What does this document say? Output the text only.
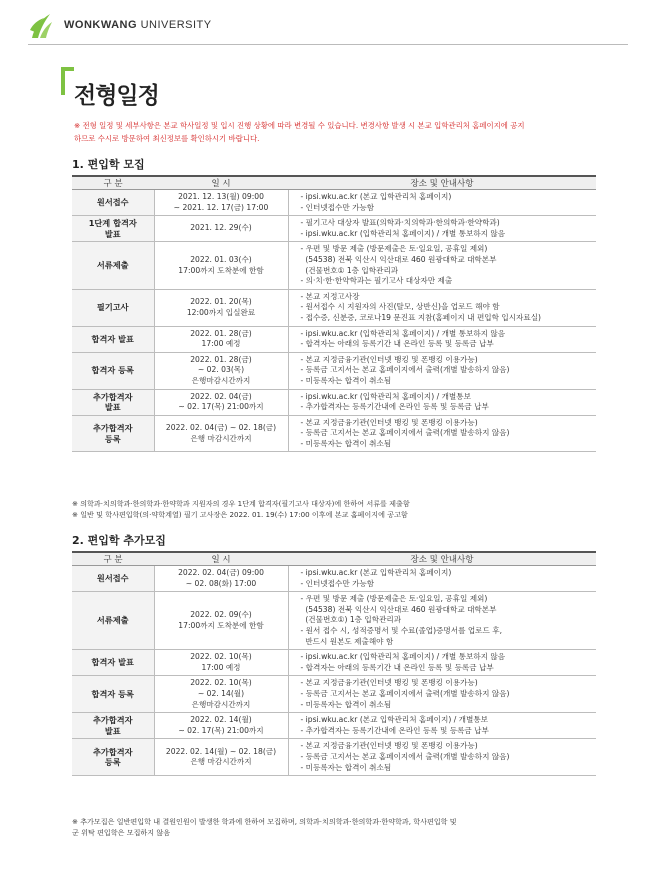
WONKWANG UNIVERSITY
전형일정
※ 전형 일정 및 세부사항은 본교 학사일정 및 입시 진행 상황에 따라 변경될 수 있습니다. 변경사항 발생 시 본교 입학관리처 홈페이지에 공지
하므로 수시로 방문하여 최신정보를 확인하시기 바랍니다.
1. 편입학 모집
구 분	일 시	장소 및 안내사항

원서접수	2021. 12. 13(월) 09:00
~ 2021. 12. 17(금) 17:00	- ipsi.wku.ac.kr (본교 입학관리처 홈페이지)
- 인터넷접수만 가능함

1단계 합격자
발표	2021. 12. 29(수)	- 필기고사 대상자 발표(의학과·치의학과·한의학과·한약학과)
- ipsi.wku.ac.kr (입학관리처 홈페이지) / 개별 통보하지 않음

서류제출	2022. 01. 03(수)
17:00까지 도착분에 한함	- 우편 및 방문 제출 (방문제출은 토·일요일, 공휴일 제외)
(54538) 전북 익산시 익산대로 460 원광대학교 대학본부
(건물번호① 1층 입학관리과
- 의·치·한·한약학과는 필기고사 대상자만 제출

필기고사	2022. 01. 20(목)
12:00까지 입실완료	- 본교 지정고사장
- 원서접수 시 지원자의 사진(탈모, 상반신)을 업로드 해야 함
- 접수증, 신분증, 코로나19 문진표 지참(홈페이지 내 편입학 입시자료실)

합격자 발표	2022. 01. 28(금)
17:00 예정	- ipsi.wku.ac.kr (입학관리처 홈페이지) / 개별 통보하지 않음
- 합격자는 아래의 등록기간 내 온라인 등록 및 등록금 납부

합격자 등록	2022. 01. 28(금)
~ 02. 03(목)
은행마감시간까지	- 본교 지정금융기관(인터넷 뱅킹 및 폰뱅킹 이용가능)
- 등록금 고지서는 본교 홈페이지에서 출력(개별 발송하지 않음)
- 미등록자는 합격이 취소됨

추가합격자
발표	2022. 02. 04(금)
~ 02. 17(목) 21:00까지	- ipsi.wku.ac.kr (입학관리처 홈페이지) / 개별통보
- 추가합격자는 등록기간내에 온라인 등록 및 등록금 납부

추가합격자
등록	2022. 02. 04(금) ~ 02. 18(금)
은행 마감시간까지	- 본교 지정금융기관(인터넷 뱅킹 및 폰뱅킹 이용가능)
- 등록금 고지서는 본교 홈페이지에서 출력(개별 발송하지 않음)
- 미등록자는 합격이 취소됨
※ 의학과·치의학과·한의학과·한약학과 지원자의 경우 1단계 합격자(필기고사 대상자)에 한하여 서류를 제출함
※ 일반 및 학사편입학(의·약학계열) 필기 고사장은 2022. 01. 19(수) 17:00 이후에 본교 홈페이지에 공고함
2. 편입학 추가모집
구 분	일 시	장소 및 안내사항

원서접수	2022. 02. 04(금) 09:00
~ 02. 08(화) 17:00	- ipsi.wku.ac.kr (본교 입학관리처 홈페이지)
- 인터넷접수만 가능함

서류제출	2022. 02. 09(수)
17:00까지 도착분에 한함	- 우편 및 방문 제출 (방문제출은 토·일요일, 공휴일 제외)
(54538) 전북 익산시 익산대로 460 원광대학교 대학본부
(건물번호①) 1층 입학관리과
- 원서 접수 시, 성적증명서 및 수료(졸업)증명서를 업로드 후,
반드시 원본도 제출해야 함

합격자 발표	2022. 02. 10(목)
17:00 예정	- ipsi.wku.ac.kr (입학관리처 홈페이지) / 개별 통보하지 않음
- 합격자는 아래의 등록기간 내 온라인 등록 및 등록금 납부

합격자 등록	2022. 02. 10(목)
~ 02. 14(월)
은행마감시간까지	- 본교 지정금융기관(인터넷 뱅킹 및 폰뱅킹 이용가능)
- 등록금 고지서는 본교 홈페이지에서 출력(개별 발송하지 않음)
- 미등록자는 합격이 취소됨

추가합격자
발표	2022. 02. 14(월)
~ 02. 17(목) 21:00까지	- ipsi.wku.ac.kr (본교 입학관리처 홈페이지) / 개별통보
- 추가합격자는 등록기간내에 온라인 등록 및 등록금 납부

추가합격자
등록	2022. 02. 14(월) ~ 02. 18(금)
은행 마감시간까지	- 본교 지정금융기관(인터넷 뱅킹 및 폰뱅킹 이용가능)
- 등록금 고지서는 본교 홈페이지에서 출력(개별 발송하지 않음)
- 미등록자는 합격이 취소됨
※ 추가모집은 일반편입학 내 결원인원이 발생한 학과에 한하여 모집하며, 의학과·치의학과·한의학과·한약학과, 학사편입학 및
군 위탁 편입학은 모집하지 않음
